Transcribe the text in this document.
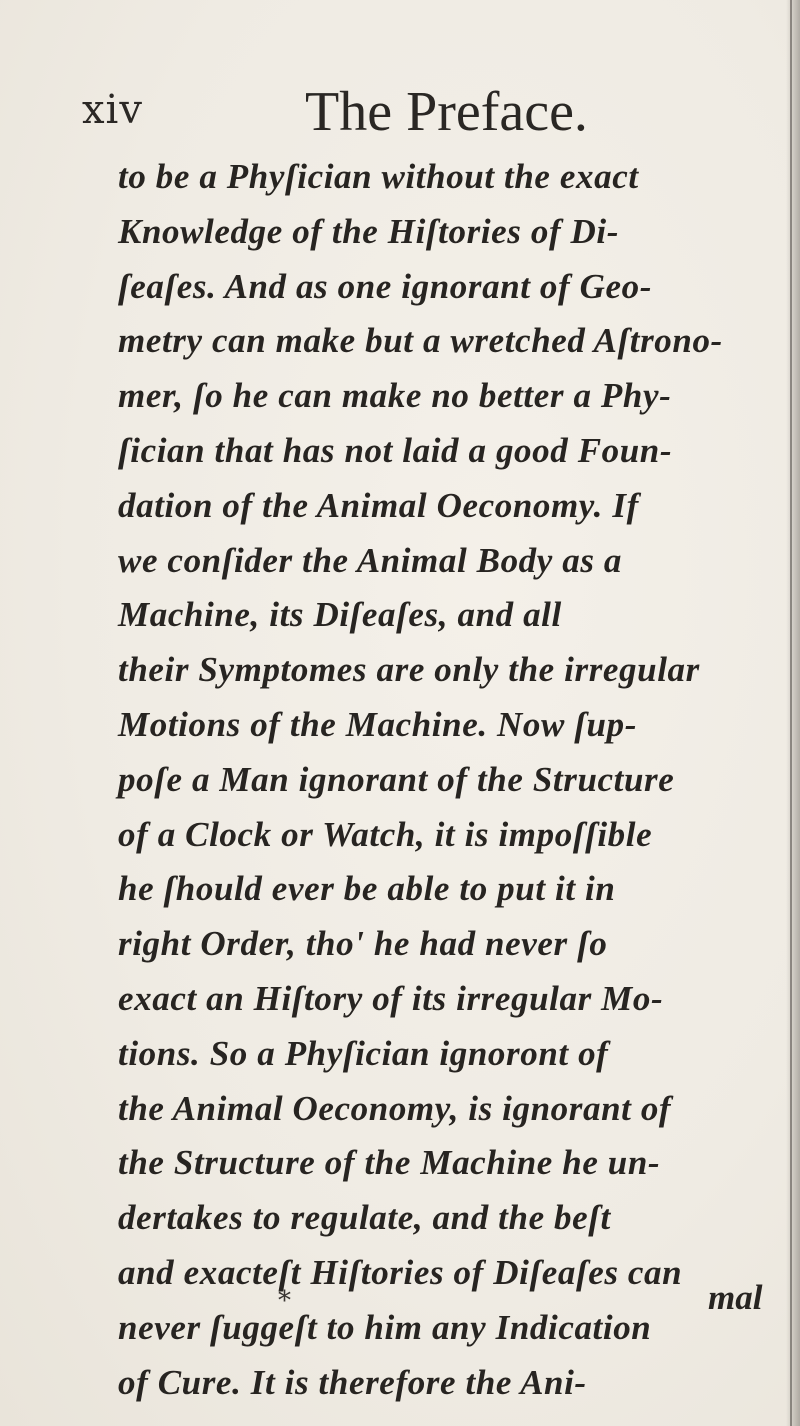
xiv	The Preface.
to be a Phyſician without the exact
Knowledge of the Hiſtories of Di-
ſeaſes. And as one ignorant of Geo-
metry can make but a wretched Aſtrono-
mer, ſo he can make no better a Phy-
ſician that has not laid a good Foun-
dation of the Animal Oeconomy. If
we conſider the Animal Body as a
Machine, its Diſeaſes, and all
their Symptomes are only the irregular
Motions of the Machine. Now ſup-
poſe a Man ignorant of the Structure
of a Clock or Watch, it is impoſſible
he ſhould ever be able to put it in
right Order, tho' he had never ſo
exact an Hiſtory of its irregular Mo-
tions. So a Phyſician ignoront of
the Animal Oeconomy, is ignorant of
the Structure of the Machine he un-
dertakes to regulate, and the beſt
and exacteſt Hiſtories of Diſeaſes can
never ſuggeſt to him any Indication
of Cure. It is therefore the Ani-
*	mal
